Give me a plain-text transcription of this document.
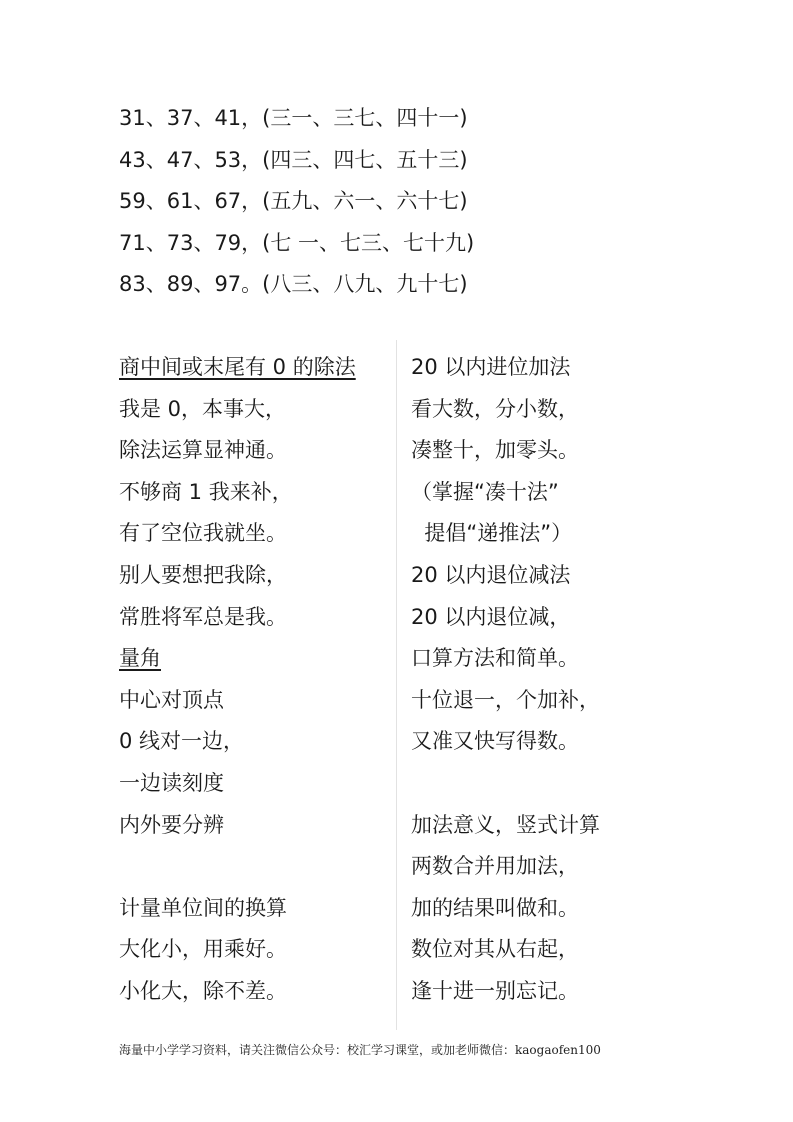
31、37、41，(三一、三七、四十一)
43、47、53，(四三、四七、五十三)
59、61、67，(五九、六一、六十七)
71、73、79，(七 一、七三、七十九)
83、89、97。(八三、八九、九十七)
商中间或末尾有 0 的除法
我是 0，本事大，
除法运算显神通。
不够商 1 我来补，
有了空位我就坐。
别人要想把我除，
常胜将军总是我。
量角
中心对顶点
0 线对一边，
一边读刻度
内外要分辨
计量单位间的换算
大化小，用乘好。
小化大，除不差。
20 以内进位加法
看大数，分小数，
凑整十，加零头。
（掌握“凑十法”
提倡“递推法”）
20 以内退位减法
20 以内退位减，
口算方法和简单。
十位退一，个加补，
又准又快写得数。
加法意义，竖式计算
两数合并用加法，
加的结果叫做和。
数位对其从右起，
逢十进一别忘记。
海量中小学学习资料，请关注微信公众号：校汇学习课堂，或加老师微信：kaogaofen100
